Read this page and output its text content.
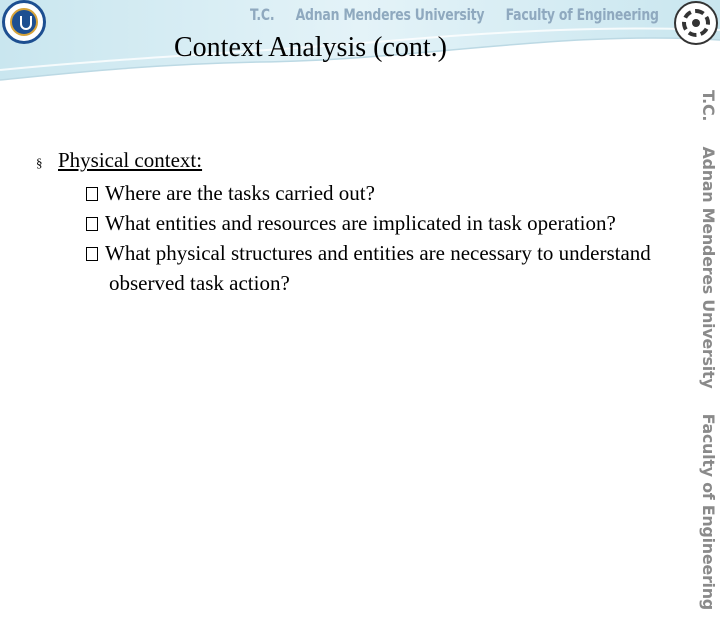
T.C. Adnan Menderes University Faculty of Engineering
Context Analysis (cont.)
§ Physical context:
Where are the tasks carried out?
What entities and resources are implicated in task operation?
What physical structures and entities are necessary to understand observed task action?
T.C. Adnan Menderes University Faculty of Engineering
